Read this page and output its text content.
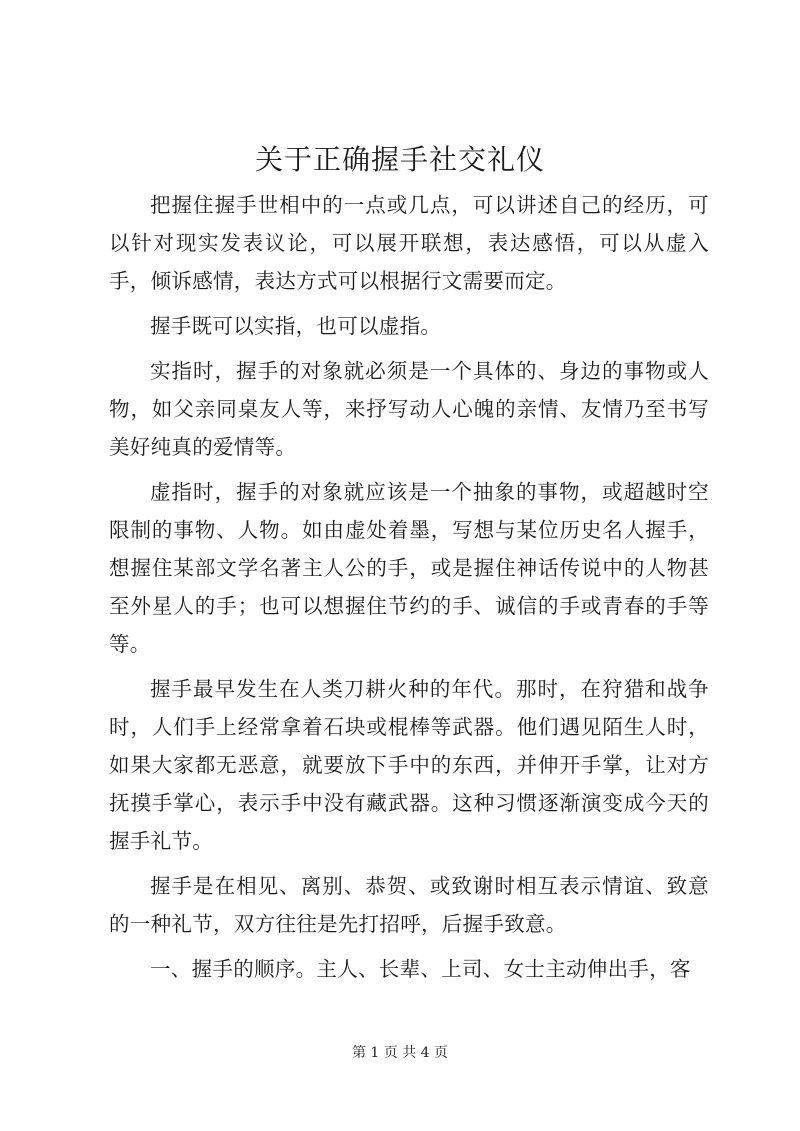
关于正确握手社交礼仪

把握住握手世相中的一点或几点，可以讲述自己的经历，可以针对现实发表议论，可以展开联想，表达感悟，可以从虚入手，倾诉感情，表达方式可以根据行文需要而定。

握手既可以实指，也可以虚指。

实指时，握手的对象就必须是一个具体的、身边的事物或人物，如父亲同桌友人等，来抒写动人心魄的亲情、友情乃至书写美好纯真的爱情等。

虚指时，握手的对象就应该是一个抽象的事物，或超越时空限制的事物、人物。如由虚处着墨，写想与某位历史名人握手，想握住某部文学名著主人公的手，或是握住神话传说中的人物甚至外星人的手；也可以想握住节约的手、诚信的手或青春的手等等。

握手最早发生在人类刀耕火种的年代。那时，在狩猎和战争时，人们手上经常拿着石块或棍棒等武器。他们遇见陌生人时，如果大家都无恶意，就要放下手中的东西，并伸开手掌，让对方抚摸手掌心，表示手中没有藏武器。这种习惯逐渐演变成今天的握手礼节。

握手是在相见、离别、恭贺、或致谢时相互表示情谊、致意的一种礼节，双方往往是先打招呼，后握手致意。

一、握手的顺序。主人、长辈、上司、女士主动伸出手，客

第 1 页 共 4 页
